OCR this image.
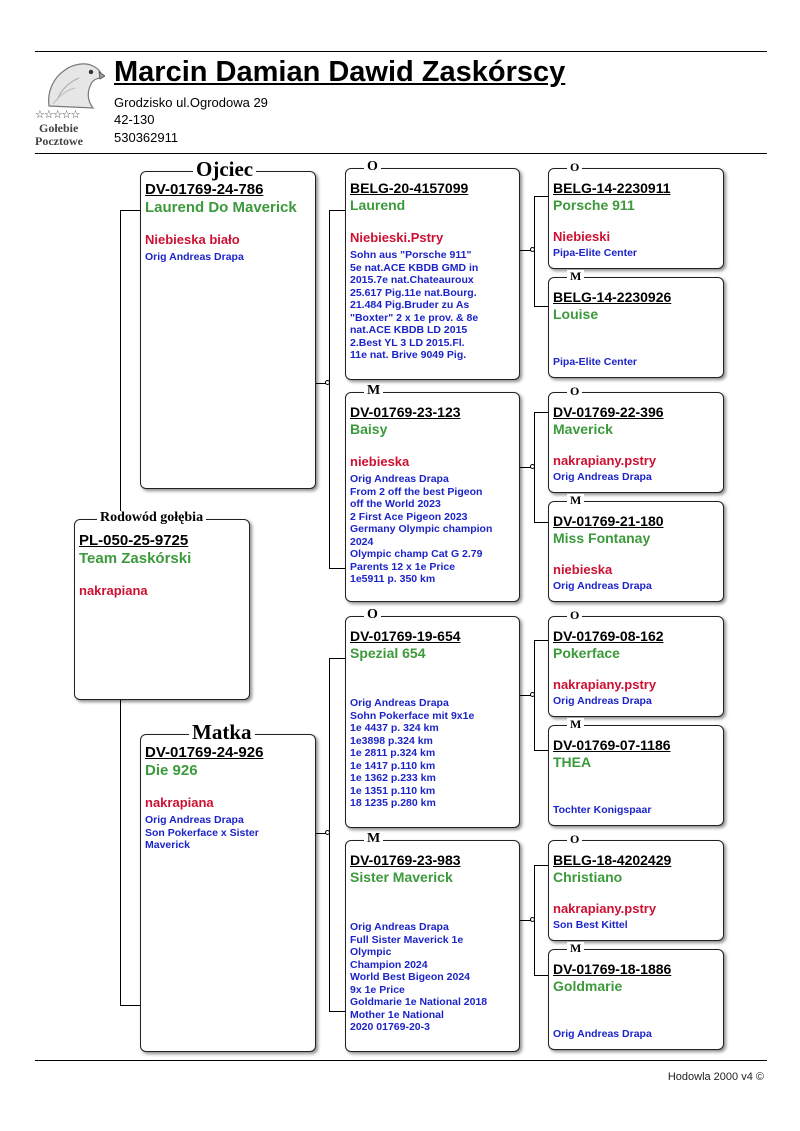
☆☆☆☆☆
Gołebie
Pocztowe
Marcin Damian Dawid Zaskórscy
Grodzisko ul.Ogrodowa 29
42-130
530362911
Rodowód gołębia
PL-050-25-9725
Team Zaskórski
nakrapiana
Ojciec
DV-01769-24-786
Laurend Do Maverick
Niebieska biało
Orig Andreas Drapa
Matka
DV-01769-24-926
Die 926
nakrapiana
Orig Andreas Drapa
Son Pokerface x Sister
Maverick
O
BELG-20-4157099
Laurend
Niebieski.Pstry
Sohn aus "Porsche 911"
5e nat.ACE KBDB GMD in
2015.7e nat.Chateauroux
25.617 Pig.11e nat.Bourg.
21.484 Pig.Bruder zu As
"Boxter" 2 x 1e prov. & 8e
nat.ACE KBDB LD 2015
2.Best YL 3 LD 2015.Fl.
11e nat. Brive 9049 Pig.
M
DV-01769-23-123
Baisy
niebieska
Orig Andreas Drapa
From 2 off the best Pigeon
off the World 2023
2 First Ace Pigeon 2023
Germany Olympic champion
2024
Olympic champ Cat G 2.79
Parents 12 x 1e Price
1e5911 p. 350 km
O
DV-01769-19-654
Spezial 654
Orig Andreas Drapa
Sohn Pokerface mit 9x1e
1e 4437 p. 324 km
1e3898 p.324 km
1e 2811 p.324 km
1e 1417 p.110 km
1e 1362 p.233 km
1e 1351 p.110 km
18 1235 p.280 km
M
DV-01769-23-983
Sister Maverick
Orig Andreas Drapa
Full Sister Maverick 1e
Olympic
Champion 2024
World Best Bigeon 2024
9x 1e Price
Goldmarie 1e National 2018
Mother 1e National
2020 01769-20-3
O
BELG-14-2230911
Porsche 911
Niebieski
Pipa-Elite Center
M
BELG-14-2230926
Louise
Pipa-Elite Center
O
DV-01769-22-396
Maverick
nakrapiany.pstry
Orig Andreas Drapa
M
DV-01769-21-180
Miss Fontanay
niebieska
Orig Andreas Drapa
O
DV-01769-08-162
Pokerface
nakrapiany.pstry
Orig Andreas Drapa
M
DV-01769-07-1186
THEA
Tochter Konigspaar
O
BELG-18-4202429
Christiano
nakrapiany.pstry
Son Best Kittel
M
DV-01769-18-1886
Goldmarie
Orig Andreas Drapa
Hodowla 2000 v4 ©
